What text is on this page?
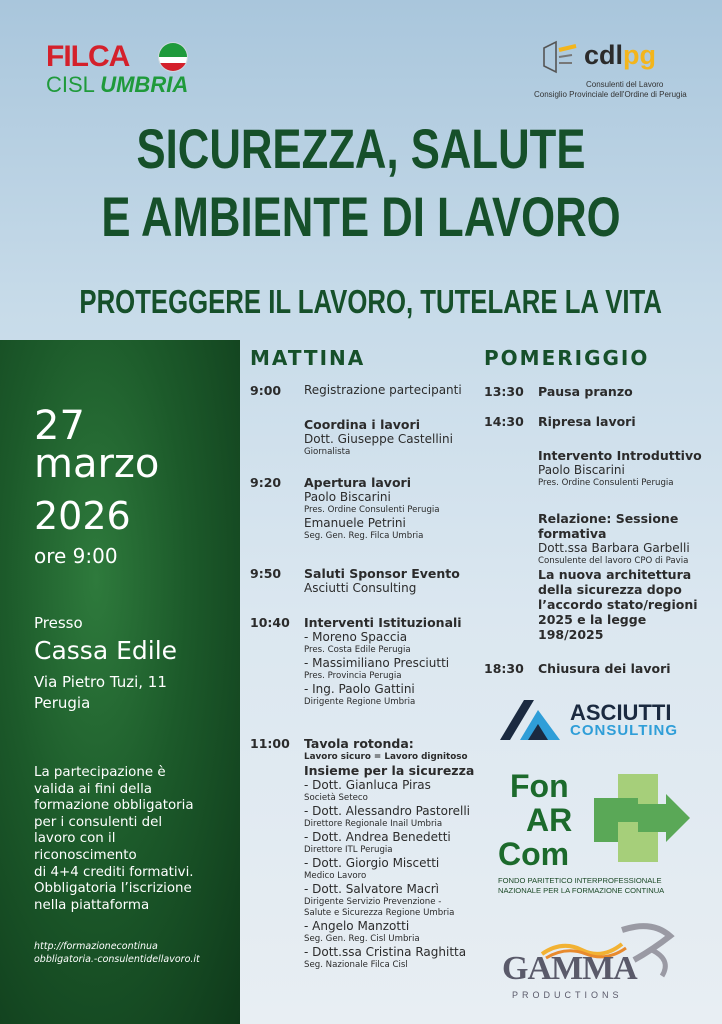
FILCA
CISL UMBRIA
cdlpg
Consulenti del Lavoro
Consiglio Provinciale dell'Ordine di Perugia
SICUREZZA, SALUTE
E AMBIENTE DI LAVORO
PROTEGGERE IL LAVORO, TUTELARE LA VITA
27
marzo
2026
ore 9:00
Presso
Cassa Edile
Via Pietro Tuzi, 11
Perugia
La partecipazione è
valida ai fini della
formazione obbligatoria
per i consulenti del
lavoro con il
riconoscimento
di 4+4 crediti formativi.
Obbligatoria l’iscrizione
nella piattaforma
http://formazionecontinua
obbligatoria.-consulentidellavoro.it
MATTINA	POMERIGGIO
9:00 Registrazione partecipanti
Coordina i lavori
Dott. Giuseppe Castellini
Giornalista
9:20 Apertura lavori
Paolo Biscarini
Pres. Ordine Consulenti Perugia
Emanuele Petrini
Seg. Gen. Reg. Filca Umbria
9:50 Saluti Sponsor Evento
Asciutti Consulting
10:40 Interventi Istituzionali
- Moreno Spaccia
Pres. Costa Edile Perugia
- Massimiliano Presciutti
Pres. Provincia Perugia
- Ing. Paolo Gattini
Dirigente Regione Umbria
11:00 Tavola rotonda:
Lavoro sicuro = Lavoro dignitoso
Insieme per la sicurezza
- Dott. Gianluca Piras
Società Seteco
- Dott. Alessandro Pastorelli
Direttore Regionale Inail Umbria
- Dott. Andrea Benedetti
Direttore ITL Perugia
- Dott. Giorgio Miscetti
Medico Lavoro
- Dott. Salvatore Macrì
Dirigente Servizio Prevenzione -
Salute e Sicurezza Regione Umbria
- Angelo Manzotti
Seg. Gen. Reg. Cisl Umbria
- Dott.ssa Cristina Raghitta
Seg. Nazionale Filca Cisl
13:30 Pausa pranzo
14:30 Ripresa lavori
Intervento Introduttivo
Paolo Biscarini
Pres. Ordine Consulenti Perugia
Relazione: Sessione
formativa
Dott.ssa Barbara Garbelli
Consulente del lavoro CPO di Pavia
La nuova architettura
della sicurezza dopo
l’accordo stato/regioni
2025 e la legge 198/2025
18:30 Chiusura dei lavori
ASCIUTTI
CONSULTING
Fon
AR
Com
FONDO PARITETICO INTERPROFESSIONALE
NAZIONALE PER LA FORMAZIONE CONTINUA
GAMMA
PRODUCTIONS
